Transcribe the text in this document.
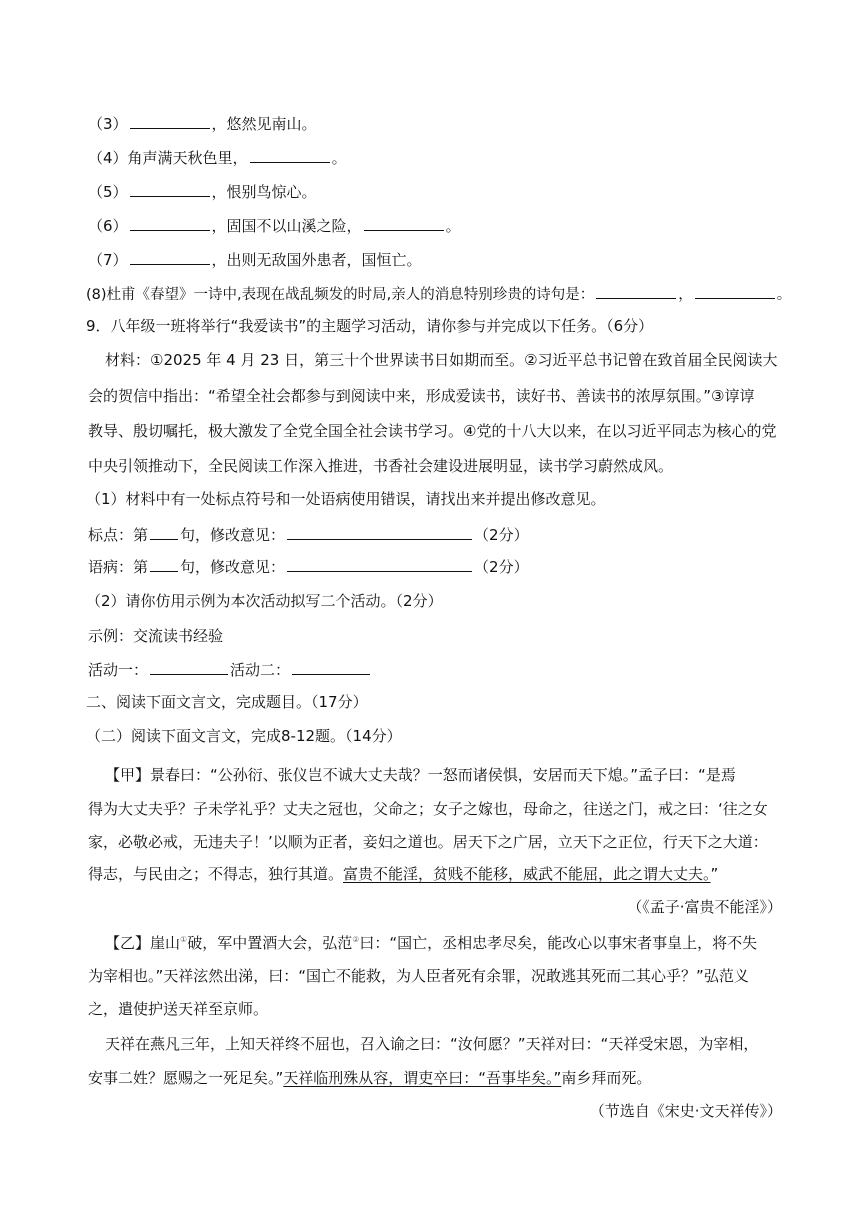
（3）	，悠然见南山。
（4）角声满天秋色里，	。
（5）	，恨别鸟惊心。
（6）	，固国不以山溪之险，	。
（7）	，出则无敌国外患者，国恒亡。
(8)杜甫《春望》一诗中,表现在战乱频发的时局,亲人的消息特别珍贵的诗句是：	，	。
9．八年级一班将举行“我爱读书”的主题学习活动，请你参与并完成以下任务。（6分）
材料：①2025 年 4 月 23 日，第三十个世界读书日如期而至。②习近平总书记曾在致首届全民阅读大
会的贺信中指出：“希望全社会都参与到阅读中来，形成爱读书，读好书、善读书的浓厚氛围。”③谆谆
教导、殷切嘱托，极大激发了全党全国全社会读书学习。④党的十八大以来，在以习近平同志为核心的党
中央引领推动下，全民阅读工作深入推进，书香社会建设进展明显，读书学习蔚然成风。
（1）材料中有一处标点符号和一处语病使用错误，请找出来并提出修改意见。
标点：第 句，修改意见：	（2分）
语病：第 句，修改意见：	（2分）
（2）请你仿用示例为本次活动拟写二个活动。（2分）
示例：交流读书经验
活动一：	活动二：
二、阅读下面文言文，完成题目。（17分）
（二）阅读下面文言文，完成8-12题。（14分）
【甲】景春曰：“公孙衍、张仪岂不诚大丈夫哉？一怒而诸侯惧，安居而天下熄。”孟子曰：“是焉
得为大丈夫乎？子未学礼乎？丈夫之冠也，父命之；女子之嫁也，母命之，往送之门，戒之曰：‘往之女
家，必敬必戒，无违夫子！’以顺为正者，妾妇之道也。居天下之广居，立天下之正位，行天下之大道：
得志，与民由之；不得志，独行其道。富贵不能淫，贫贱不能移，威武不能屈，此之谓大丈夫。”
（《孟子·富贵不能淫》）
【乙】崖山①破，军中置酒大会，弘范②曰：“国亡，丞相忠孝尽矣，能改心以事宋者事皇上，将不失
为宰相也。”天祥泫然出涕，曰：“国亡不能救，为人臣者死有余罪，况敢逃其死而二其心乎？”弘范义
之，遣使护送天祥至京师。
天祥在燕凡三年，上知天祥终不屈也，召入谕之曰：“汝何愿？”天祥对曰：“天祥受宋恩，为宰相，
安事二姓？愿赐之一死足矣。”天祥临刑殊从容，谓吏卒曰：“吾事毕矣。”南乡拜而死。
（节选自《宋史·文天祥传》）
